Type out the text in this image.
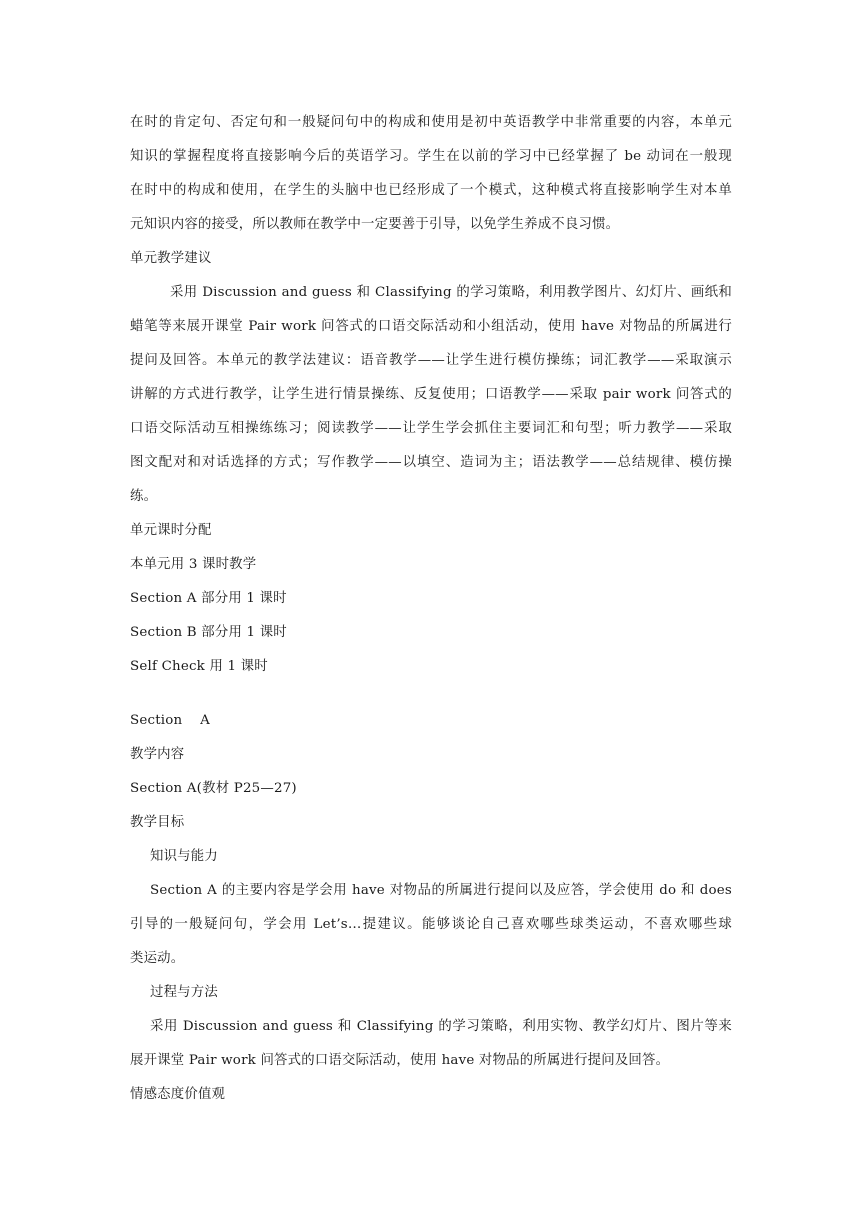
在时的肯定句、否定句和一般疑问句中的构成和使用是初中英语教学中非常重要的内容，本单元
知识的掌握程度将直接影响今后的英语学习。学生在以前的学习中已经掌握了 be 动词在一般现
在时中的构成和使用，在学生的头脑中也已经形成了一个模式，这种模式将直接影响学生对本单
元知识内容的接受，所以教师在教学中一定要善于引导，以免学生养成不良习惯。
单元教学建议
采用 Discussion and guess 和 Classifying 的学习策略，利用教学图片、幻灯片、画纸和
蜡笔等来展开课堂 Pair work 问答式的口语交际活动和小组活动，使用 have 对物品的所属进行
提问及回答。本单元的教学法建议：语音教学——让学生进行模仿操练；词汇教学——采取演示
讲解的方式进行教学，让学生进行情景操练、反复使用；口语教学——采取 pair work 问答式的
口语交际活动互相操练练习；阅读教学——让学生学会抓住主要词汇和句型；听力教学——采取
图文配对和对话选择的方式；写作教学——以填空、造词为主；语法教学——总结规律、模仿操
练。
单元课时分配
本单元用 3 课时教学
Section A 部分用 1 课时
Section B 部分用 1 课时
Self Check 用 1 课时
Section    A
教学内容
Section A(教材 P25—27)
教学目标
知识与能力
Section A 的主要内容是学会用 have 对物品的所属进行提问以及应答，学会使用 do 和 does
引导的一般疑问句，学会用 Let’s…提建议。能够谈论自己喜欢哪些球类运动，不喜欢哪些球
类运动。
过程与方法
采用 Discussion and guess 和 Classifying 的学习策略，利用实物、教学幻灯片、图片等来
展开课堂 Pair work 问答式的口语交际活动，使用 have 对物品的所属进行提问及回答。
情感态度价值观
